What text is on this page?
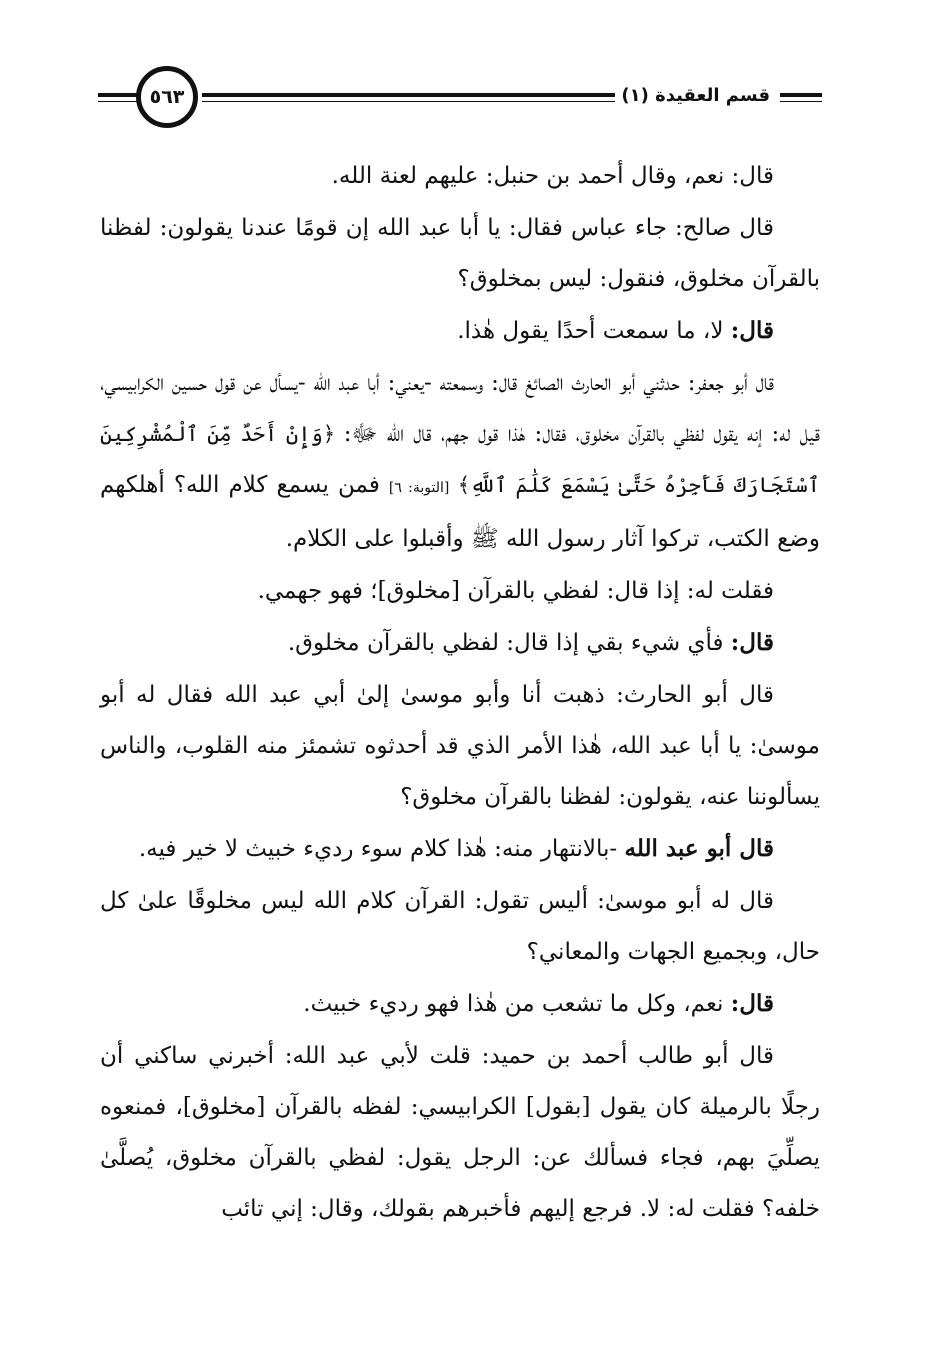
٥٦٣	قسم العقيدة (١)

قال: نعم، وقال أحمد بن حنبل: عليهم لعنة الله.

قال صالح: جاء عباس فقال: يا أبا عبد الله إن قومًا عندنا يقولون: لفظنا بالقرآن مخلوق، فنقول: ليس بمخلوق؟

قال: لا، ما سمعت أحدًا يقول هٰذا.

قال أبو جعفر: حدثني أبو الحارث الصائغ قال: وسمعته -يعني: أبا عبد الله -يسأل عن قول حسين الكرابيسي، قيل له: إنه يقول لفظي بالقرآن مخلوق، فقال: هٰذا قول جهم، قال الله ﷻ: ﴿وَإِنْ أَحَدٌ مِّنَ ٱلْمُشْرِكِينَ ٱسْتَجَارَكَ فَأَجِرْهُ حَتَّىٰ يَسْمَعَ كَلَٰمَ ٱللَّهِ﴾ [التوبة: ٦] فمن يسمع كلام الله؟ أهلكهم وضع الكتب، تركوا آثار رسول الله ﷺ وأقبلوا على الكلام.

فقلت له: إذا قال: لفظي بالقرآن [مخلوق]؛ فهو جهمي.

قال: فأي شيء بقي إذا قال: لفظي بالقرآن مخلوق.

قال أبو الحارث: ذهبت أنا وأبو موسىٰ إلىٰ أبي عبد الله فقال له أبو موسىٰ: يا أبا عبد الله، هٰذا الأمر الذي قد أحدثوه تشمئز منه القلوب، والناس يسألوننا عنه، يقولون: لفظنا بالقرآن مخلوق؟

قال أبو عبد الله -بالانتهار منه: هٰذا كلام سوء رديء خبيث لا خير فيه.

قال له أبو موسىٰ: أليس تقول: القرآن كلام الله ليس مخلوقًا علىٰ كل حال، وبجميع الجهات والمعاني؟

قال: نعم، وكل ما تشعب من هٰذا فهو رديء خبيث.

قال أبو طالب أحمد بن حميد: قلت لأبي عبد الله: أخبرني ساكني أن رجلًا بالرميلة كان يقول [بقول] الكرابيسي: لفظه بالقرآن [مخلوق]، فمنعوه يصلِّيَ بهم، فجاء فسألك عن: الرجل يقول: لفظي بالقرآن مخلوق، يُصلَّىٰ خلفه؟ فقلت له: لا. فرجع إليهم فأخبرهم بقولك، وقال: إني تائب
